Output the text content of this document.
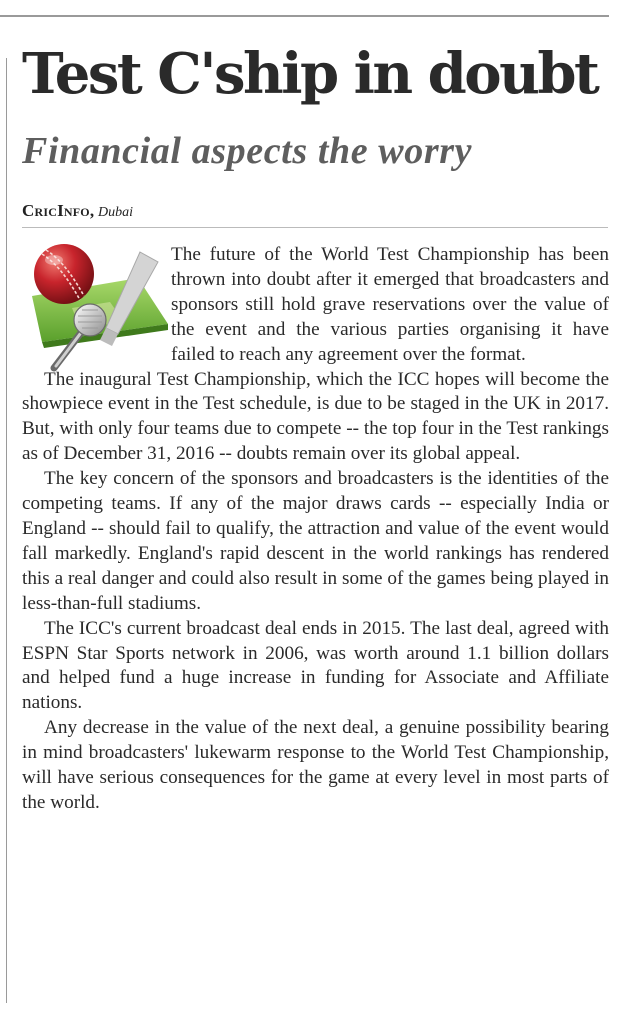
Test C'ship in doubt
Financial aspects the worry
CricInfo, Dubai

The future of the World Test Championship has been thrown into doubt after it emerged that broadcasters and sponsors still hold grave reservations over the value of the event and the various parties organising it have failed to reach any agreement over the format.

The inaugural Test Championship, which the ICC hopes will become the showpiece event in the Test schedule, is due to be staged in the UK in 2017. But, with only four teams due to compete -- the top four in the Test rankings as of December 31, 2016 -- doubts remain over its global appeal.

The key concern of the sponsors and broadcasters is the identities of the competing teams. If any of the major draws cards -- especially India or England -- should fail to qualify, the attraction and value of the event would fall markedly. England's rapid descent in the world rankings has rendered this a real danger and could also result in some of the games being played in less-than-full stadiums.

The ICC's current broadcast deal ends in 2015. The last deal, agreed with ESPN Star Sports network in 2006, was worth around 1.1 billion dollars and helped fund a huge increase in funding for Associate and Affiliate nations.

Any decrease in the value of the next deal, a genuine possibility bearing in mind broadcasters' lukewarm response to the World Test Championship, will have serious consequences for the game at every level in most parts of the world.
